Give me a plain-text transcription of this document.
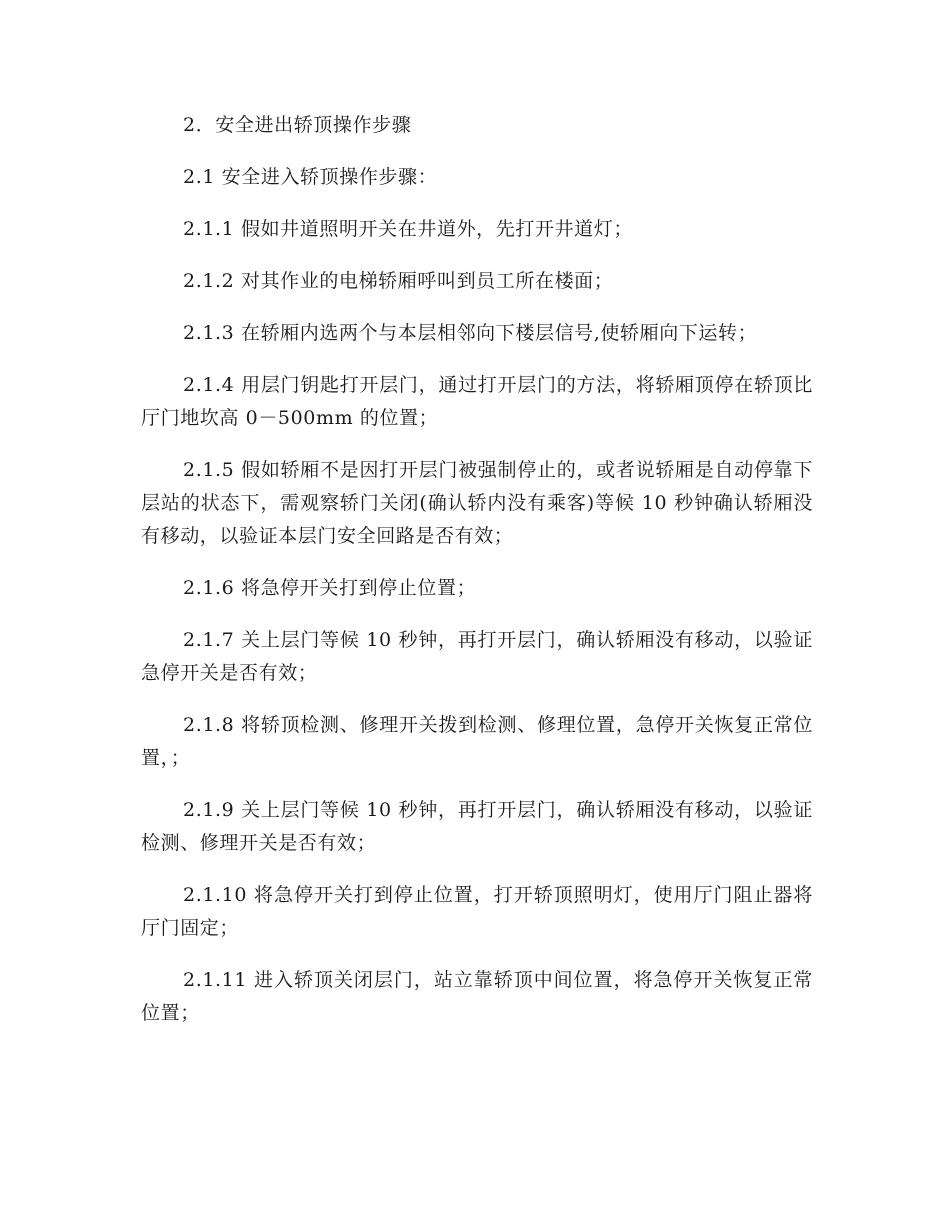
2．安全进出轿顶操作步骤

2.1 安全进入轿顶操作步骤：

2.1.1 假如井道照明开关在井道外，先打开井道灯；

2.1.2 对其作业的电梯轿厢呼叫到员工所在楼面；

2.1.3 在轿厢内选两个与本层相邻向下楼层信号,使轿厢向下运转；

2.1.4 用层门钥匙打开层门，通过打开层门的方法，将轿厢顶停在轿顶比厅门地坎高 0－500mm 的位置；

2.1.5 假如轿厢不是因打开层门被强制停止的，或者说轿厢是自动停靠下层站的状态下，需观察轿门关闭(确认轿内没有乘客)等候 10 秒钟确认轿厢没有移动，以验证本层门安全回路是否有效；

2.1.6 将急停开关打到停止位置；

2.1.7 关上层门等候 10 秒钟，再打开层门，确认轿厢没有移动，以验证急停开关是否有效；

2.1.8 将轿顶检测、修理开关拨到检测、修理位置，急停开关恢复正常位置，；

2.1.9 关上层门等候 10 秒钟，再打开层门，确认轿厢没有移动，以验证检测、修理开关是否有效；

2.1.10 将急停开关打到停止位置，打开轿顶照明灯，使用厅门阻止器将厅门固定；

2.1.11 进入轿顶关闭层门，站立靠轿顶中间位置，将急停开关恢复正常位置；
